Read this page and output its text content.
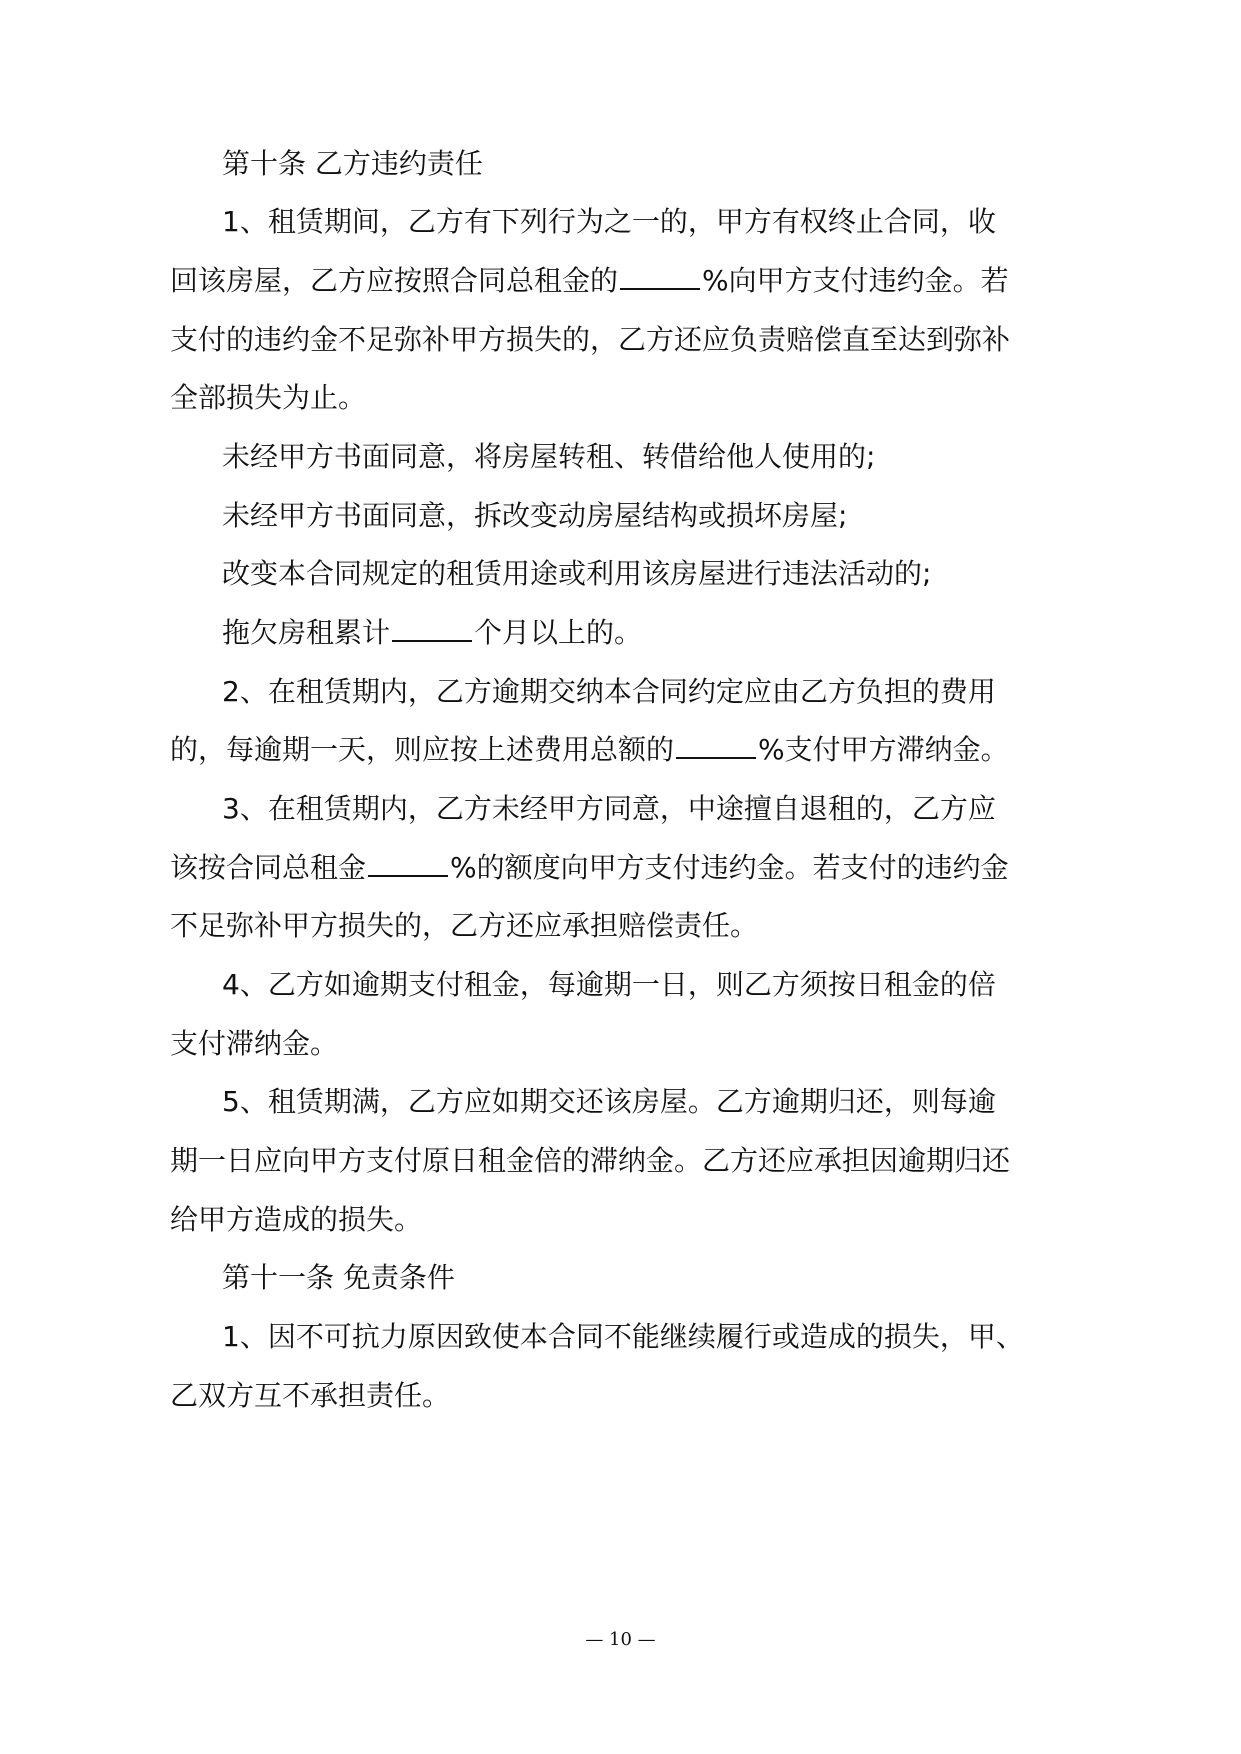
第十条 乙方违约责任

1、租赁期间，乙方有下列行为之一的，甲方有权终止合同，收

回该房屋，乙方应按照合同总租金的	%向甲方支付违约金。若

支付的违约金不足弥补甲方损失的，乙方还应负责赔偿直至达到弥补

全部损失为止。

未经甲方书面同意，将房屋转租、转借给他人使用的;

未经甲方书面同意，拆改变动房屋结构或损坏房屋;

改变本合同规定的租赁用途或利用该房屋进行违法活动的;

拖欠房租累计	个月以上的。

2、在租赁期内，乙方逾期交纳本合同约定应由乙方负担的费用

的，每逾期一天，则应按上述费用总额的	%支付甲方滞纳金。

3、在租赁期内，乙方未经甲方同意，中途擅自退租的，乙方应

该按合同总租金	%的额度向甲方支付违约金。若支付的违约金

不足弥补甲方损失的，乙方还应承担赔偿责任。

4、乙方如逾期支付租金，每逾期一日，则乙方须按日租金的倍

支付滞纳金。

5、租赁期满，乙方应如期交还该房屋。乙方逾期归还，则每逾

期一日应向甲方支付原日租金倍的滞纳金。乙方还应承担因逾期归还

给甲方造成的损失。

第十一条 免责条件

1、因不可抗力原因致使本合同不能继续履行或造成的损失，甲、

乙双方互不承担责任。

— 10 —
